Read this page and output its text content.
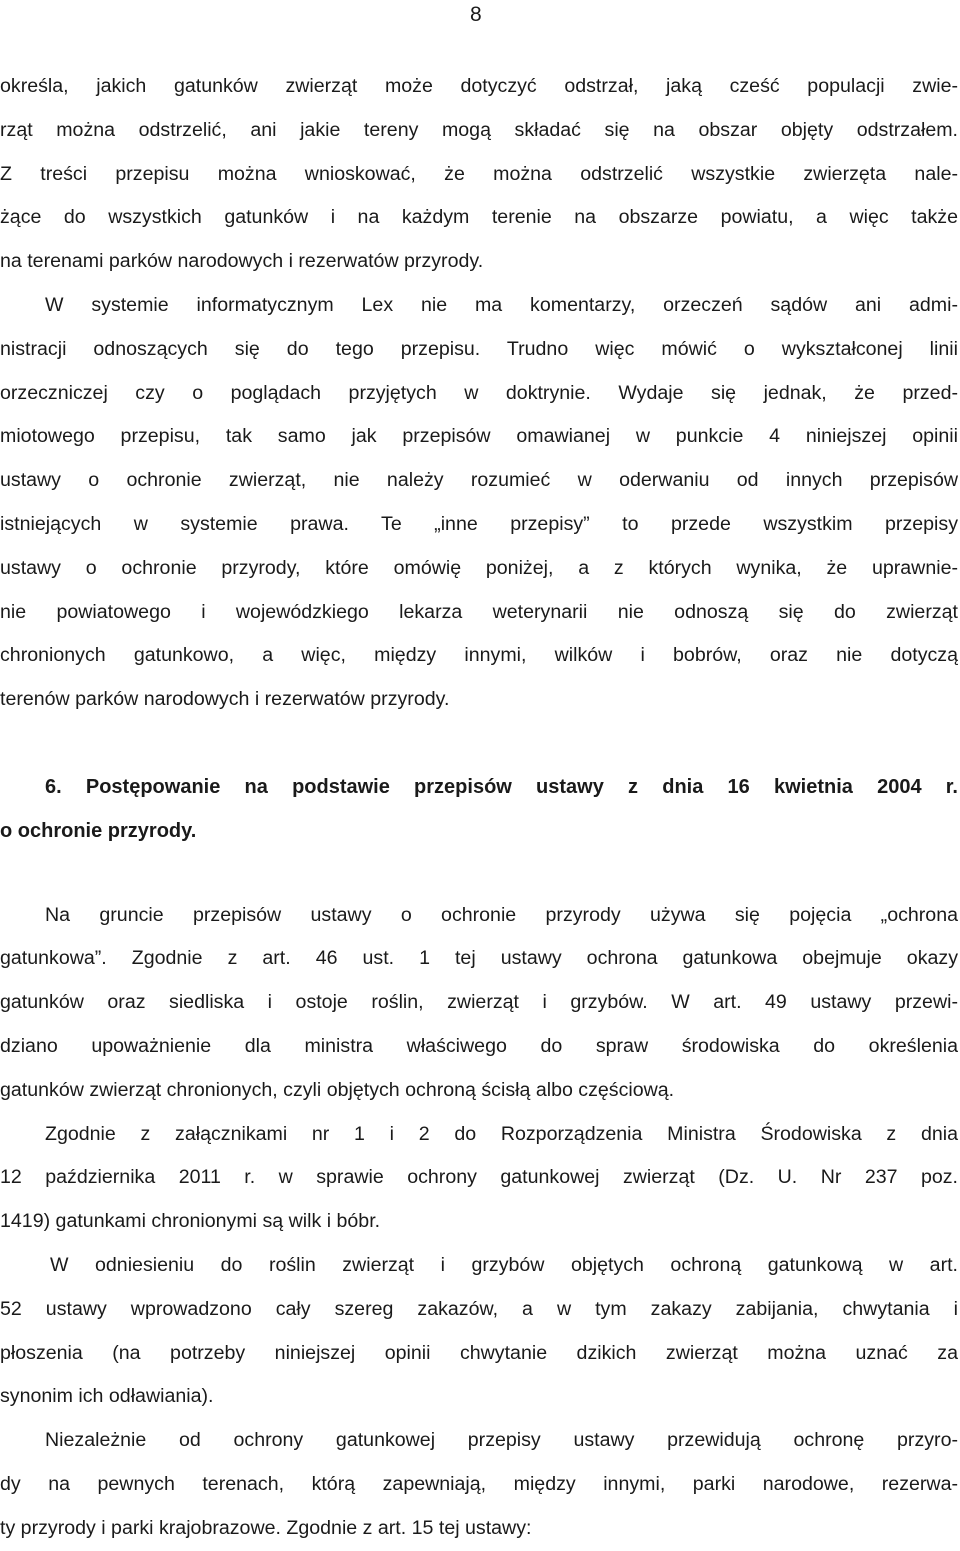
8
określa, jakich gatunków zwierząt może dotyczyć odstrzał, jaką cześć populacji zwie-
rząt można odstrzelić, ani jakie tereny mogą składać się na obszar objęty odstrzałem.
Z treści przepisu można wnioskować, że można odstrzelić wszystkie zwierzęta nale-
żące do wszystkich gatunków i na każdym terenie na obszarze powiatu, a więc także
na terenami parków narodowych i rezerwatów przyrody.
W systemie informatycznym Lex nie ma komentarzy, orzeczeń sądów ani admi-
nistracji odnoszących się do tego przepisu. Trudno więc mówić o wykształconej linii
orzeczniczej czy o poglądach przyjętych w doktrynie. Wydaje się jednak, że przed-
miotowego przepisu, tak samo jak przepisów omawianej w punkcie 4 niniejszej opinii
ustawy o ochronie zwierząt, nie należy rozumieć w oderwaniu od innych przepisów
istniejących w systemie prawa. Te „inne przepisy” to przede wszystkim przepisy
ustawy o ochronie przyrody, które omówię poniżej, a z których wynika, że uprawnie-
nie powiatowego i wojewódzkiego lekarza weterynarii nie odnoszą się do zwierząt
chronionych gatunkowo, a więc, między innymi, wilków i bobrów, oraz nie dotyczą
terenów parków narodowych i rezerwatów przyrody.
6. Postępowanie na podstawie przepisów ustawy z dnia 16 kwietnia 2004 r.
o ochronie przyrody.
Na gruncie przepisów ustawy o ochronie przyrody używa się pojęcia „ochrona
gatunkowa”. Zgodnie z art. 46 ust. 1 tej ustawy ochrona gatunkowa obejmuje okazy
gatunków oraz siedliska i ostoje roślin, zwierząt i grzybów. W art. 49 ustawy przewi-
dziano upoważnienie dla ministra właściwego do spraw środowiska do określenia
gatunków zwierząt chronionych, czyli objętych ochroną ścisłą albo częściową.
Zgodnie z załącznikami nr 1 i 2 do Rozporządzenia Ministra Środowiska z dnia
12 października 2011 r. w sprawie ochrony gatunkowej zwierząt (Dz. U. Nr 237 poz.
1419) gatunkami chronionymi są wilk i bóbr.
W odniesieniu do roślin zwierząt i grzybów objętych ochroną gatunkową w art.
52 ustawy wprowadzono cały szereg zakazów, a w tym zakazy zabijania, chwytania i
płoszenia (na potrzeby niniejszej opinii chwytanie dzikich zwierząt można uznać za
synonim ich odławiania).
Niezależnie od ochrony gatunkowej przepisy ustawy przewidują ochronę przyro-
dy na pewnych terenach, którą zapewniają, między innymi, parki narodowe, rezerwa-
ty przyrody i parki krajobrazowe. Zgodnie z art. 15 tej ustawy:
